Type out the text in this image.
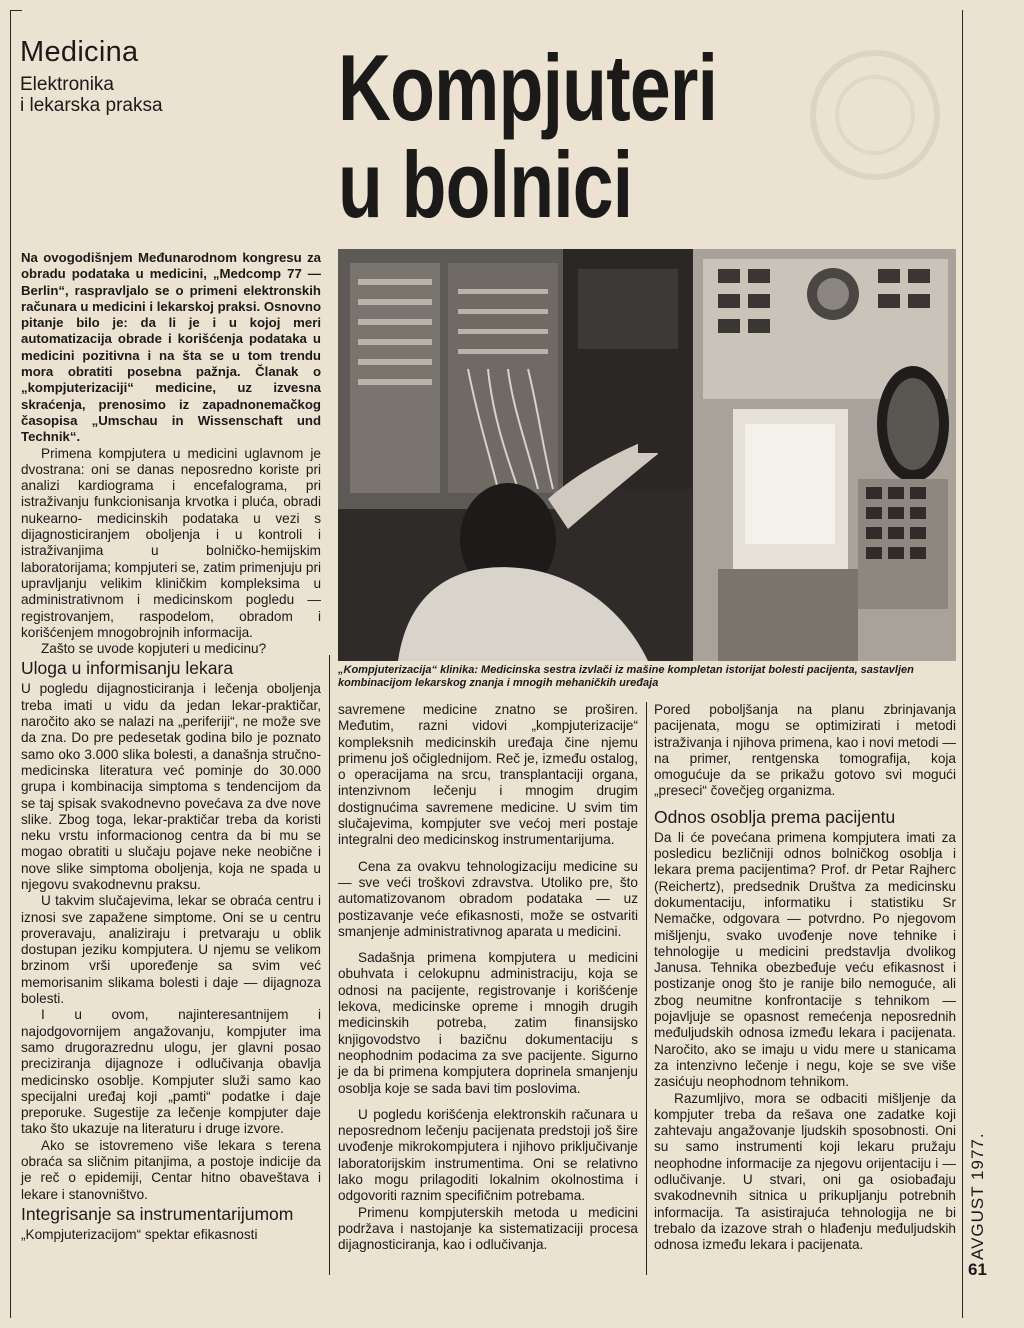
Medicina
Elektronika
i lekarska praksa Kompjuteri
u bolnici

Na ovogodišnjem Međunarodnom kongresu za obradu podataka u medicini, „Medcomp 77 — Berlin“, raspravljalo se o primeni elektronskih računara u medicini i lekarskoj praksi. Osnovno pitanje bilo je: da li je i u kojoj meri automatizacija obrade i korišćenja podataka u medicini pozitivna i na šta se u tom trendu mora obratiti posebna pažnja. Članak o „kompjuterizaciji“ medicine, uz izvesna skraćenja, prenosimo iz zapadnonemačkog časopisa „Umschau in Wissenschaft und Technik“.

Primena kompjutera u medicini uglavnom je dvostrana: oni se danas neposredno koriste pri analizi kardiograma i encefalograma, pri istraživanju funkcionisanja krvotka i pluća, obradi nukearno- medicinskih podataka u vezi s dijagnosticiranjem oboljenja i u kontroli i istraživanjima u bolničko-hemijskim laboratorijama; kompjuteri se, zatim primenjuju pri upravljanju velikim kliničkim kompleksima u administrativnom i medicinskom pogledu — registrovanjem, raspodelom, obradom i korišćenjem mnogobrojnih informacija.

Zašto se uvode kopjuteri u medicinu?

Uloga u informisanju lekara

U pogledu dijagnosticiranja i lečenja oboljenja treba imati u vidu da jedan lekar-praktičar, naročito ako se nalazi na „periferiji“, ne može sve da zna. Do pre pedesetak godina bilo je poznato samo oko 3.000 slika bolesti, a današnja stručno-medicinska literatura već pominje do 30.000 grupa i kombinacija simptoma s tendencijom da se taj spisak svakodnevno povećava za dve nove slike. Zbog toga, lekar-praktičar treba da koristi neku vrstu informacionog centra da bi mu se mogao obratiti u slučaju pojave neke neobične i nove slike simptoma oboljenja, koja ne spada u njegovu svakodnevnu praksu.

U takvim slučajevima, lekar se obraća centru i iznosi sve zapažene simptome. Oni se u centru proveravaju, analiziraju i pretvaraju u oblik dostupan jeziku kompjutera. U njemu se velikom brzinom vrši upoređenje sa svim već memorisanim slikama bolesti i daje — dijagnoza bolesti.

I u ovom, najinteresantnijem i najodgovornijem angažovanju, kompjuter ima samo drugorazrednu ulogu, jer glavni posao preciziranja dijagnoze i odlučivanja obavlja medicinsko osoblje. Kompjuter služi samo kao specijalni uređaj koji „pamti“ podatke i daje preporuke. Sugestije za lečenje kompjuter daje tako što ukazuje na literaturu i druge izvore.

Ako se istovremeno više lekara s terena obraća sa sličnim pitanjima, a postoje indicije da je reč o epidemiji, Centar hitno obaveštava i lekare i stanovništvo.

Integrisanje sa instrumentarijumom

„Kompjuterizacijom“ spektar efikasnosti

„Kompjuterizacija“ klinika: Medicinska sestra izvlači iz mašine kompletan istorijat bolesti pacijenta, sastavljen kombinacijom lekarskog znanja i mnogih mehaničkih uređaja

savremene medicine znatno se proširen. Međutim, razni vidovi „kompjuterizacije“ kompleksnih medicinskih uređaja čine njemu primenu još očiglednijom. Reč je, između ostalog, o operacijama na srcu, transplantaciji organa, intenzivnom lečenju i mnogim drugim dostignućima savremene medicine. U svim tim slučajevima, kompjuter sve većoj meri postaje integralni deo medicinskog instrumentarijuma.

Cena za ovakvu tehnologizaciju medicine su — sve veći troškovi zdravstva. Utoliko pre, što automatizovanom obradom podataka — uz postizavanje veće efikasnosti, može se ostvariti smanjenje administrativnog aparata u medicini.

Sadašnja primena kompjutera u medicini obuhvata i celokupnu administraciju, koja se odnosi na pacijente, registrovanje i korišćenje lekova, medicinske opreme i mnogih drugih medicinskih potreba, zatim finansijsko knjigovodstvo i bazičnu dokumentaciju s neophodnim podacima za sve pacijente. Sigurno je da bi primena kompjutera doprinela smanjenju osoblja koje se sada bavi tim poslovima.

U pogledu korišćenja elektronskih računara u neposrednom lečenju pacijenata predstoji još šire uvođenje mikrokompjutera i njihovo priključivanje laboratorijskim instrumentima. Oni se relativno lako mogu prilagoditi lokalnim okolnostima i odgovoriti raznim specifičnim potrebama.

Primenu kompjuterskih metoda u medicini podržava i nastojanje ka sistematizaciji procesa dijagnosticiranja, kao i odlučivanja.

Pored poboljšanja na planu zbrinjavanja pacijenata, mogu se optimizirati i metodi istraživanja i njihova primena, kao i novi metodi — na primer, rentgenska tomografija, koja omogućuje da se prikažu gotovo svi mogući „preseci“ čovečjeg organizma.

Odnos osoblja prema pacijentu

Da li će povećana primena kompjutera imati za posledicu bezličniji odnos bolničkog osoblja i lekara prema pacijentima? Prof. dr Petar Rajherc (Reichertz), predsednik Društva za medicinsku dokumentaciju, informatiku i statistiku Sr Nemačke, odgovara — potvrdno. Po njegovom mišljenju, svako uvođenje nove tehnike i tehnologije u medicini predstavlja dvolikog Janusa. Tehnika obezbeđuje veću efikasnost i postizanje onog što je ranije bilo nemoguće, ali zbog neumitne konfrontacije s tehnikom — pojavljuje se opasnost remećenja neposrednih međuljudskih odnosa između lekara i pacijenata. Naročito, ako se imaju u vidu mere u stanicama za intenzivno lečenje i negu, koje se sve više zasićuju neophodnom tehnikom.

Razumljivo, mora se odbaciti mišljenje da kompjuter treba da rešava one zadatke koji zahtevaju angažovanje ljudskih sposobnosti. Oni su samo instrumenti koji lekaru pružaju neophodne informacije za njegovu orijentaciju i — odlučivanje. U stvari, oni ga osiobađaju svakodnevnih sitnica u prikupljanju potrebnih informacija. Ta asistirajuća tehnologija ne bi trebalo da izazove strah o hlađenju međuljudskih odnosa između lekara i pacijenata.	AVGUST 1977.
61
